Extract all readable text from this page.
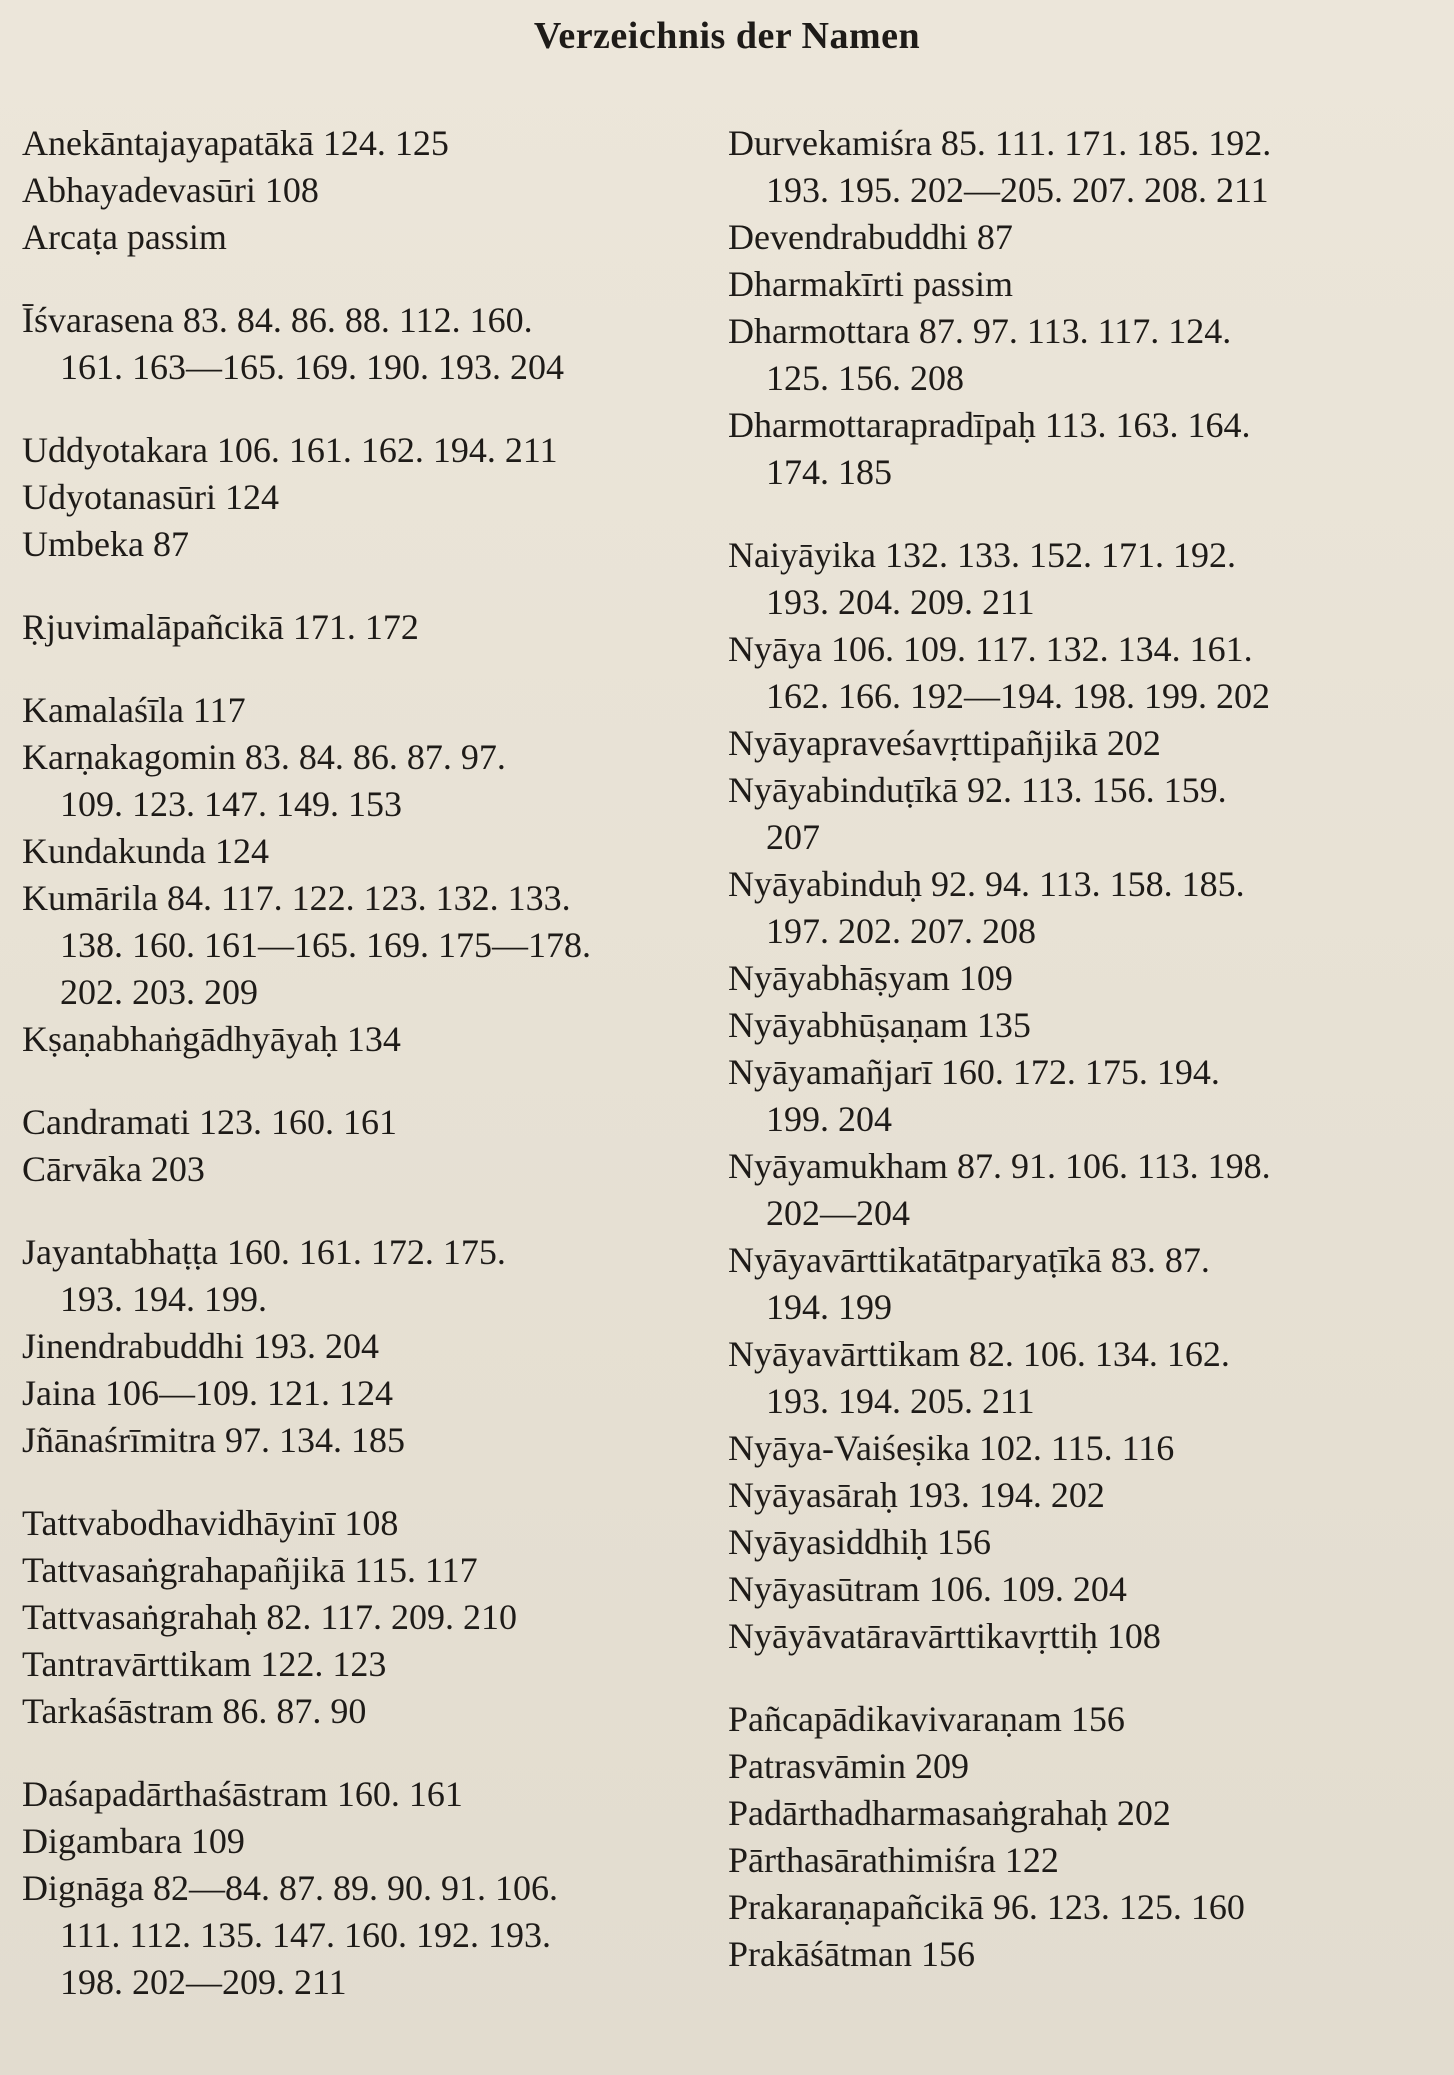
Verzeichnis der Namen
Anekāntajayapatākā 124. 125
Abhayadevasūri 108
Arcaṭa passim
Īśvarasena 83. 84. 86. 88. 112. 160.
161. 163—165. 169. 190. 193. 204
Uddyotakara 106. 161. 162. 194. 211
Udyotanasūri 124
Umbeka 87
Ṛjuvimalāpañcikā 171. 172
Kamalaśīla 117
Karṇakagomin 83. 84. 86. 87. 97.
109. 123. 147. 149. 153
Kundakunda 124
Kumārila 84. 117. 122. 123. 132. 133.
138. 160. 161—165. 169. 175—178.
202. 203. 209
Kṣaṇabhaṅgādhyāyaḥ 134
Candramati 123. 160. 161
Cārvāka 203
Jayantabhaṭṭa 160. 161. 172. 175.
193. 194. 199.
Jinendrabuddhi 193. 204
Jaina 106—109. 121. 124
Jñānaśrīmitra 97. 134. 185
Tattvabodhavidhāyinī 108
Tattvasaṅgrahapañjikā 115. 117
Tattvasaṅgrahaḥ 82. 117. 209. 210
Tantravārttikam 122. 123
Tarkaśāstram 86. 87. 90
Daśapadārthaśāstram 160. 161
Digambara 109
Dignāga 82—84. 87. 89. 90. 91. 106.
111. 112. 135. 147. 160. 192. 193.
198. 202—209. 211
Durvekamiśra 85. 111. 171. 185. 192.
193. 195. 202—205. 207. 208. 211
Devendrabuddhi 87
Dharmakīrti passim
Dharmottara 87. 97. 113. 117. 124.
125. 156. 208
Dharmottarapradīpaḥ 113. 163. 164.
174. 185
Naiyāyika 132. 133. 152. 171. 192.
193. 204. 209. 211
Nyāya 106. 109. 117. 132. 134. 161.
162. 166. 192—194. 198. 199. 202
Nyāyapraveśavṛttipañjikā 202
Nyāyabinduṭīkā 92. 113. 156. 159.
207
Nyāyabinduḥ 92. 94. 113. 158. 185.
197. 202. 207. 208
Nyāyabhāṣyam 109
Nyāyabhūṣaṇam 135
Nyāyamañjarī 160. 172. 175. 194.
199. 204
Nyāyamukham 87. 91. 106. 113. 198.
202—204
Nyāyavārttikatātparyaṭīkā 83. 87.
194. 199
Nyāyavārttikam 82. 106. 134. 162.
193. 194. 205. 211
Nyāya-Vaiśeṣika 102. 115. 116
Nyāyasāraḥ 193. 194. 202
Nyāyasiddhiḥ 156
Nyāyasūtram 106. 109. 204
Nyāyāvatāravārttikavṛttiḥ 108
Pañcapādikavivaraṇam 156
Patrasvāmin 209
Padārthadharmasaṅgrahaḥ 202
Pārthasārathimiśra 122
Prakaraṇapañcikā 96. 123. 125. 160
Prakāśātman 156
